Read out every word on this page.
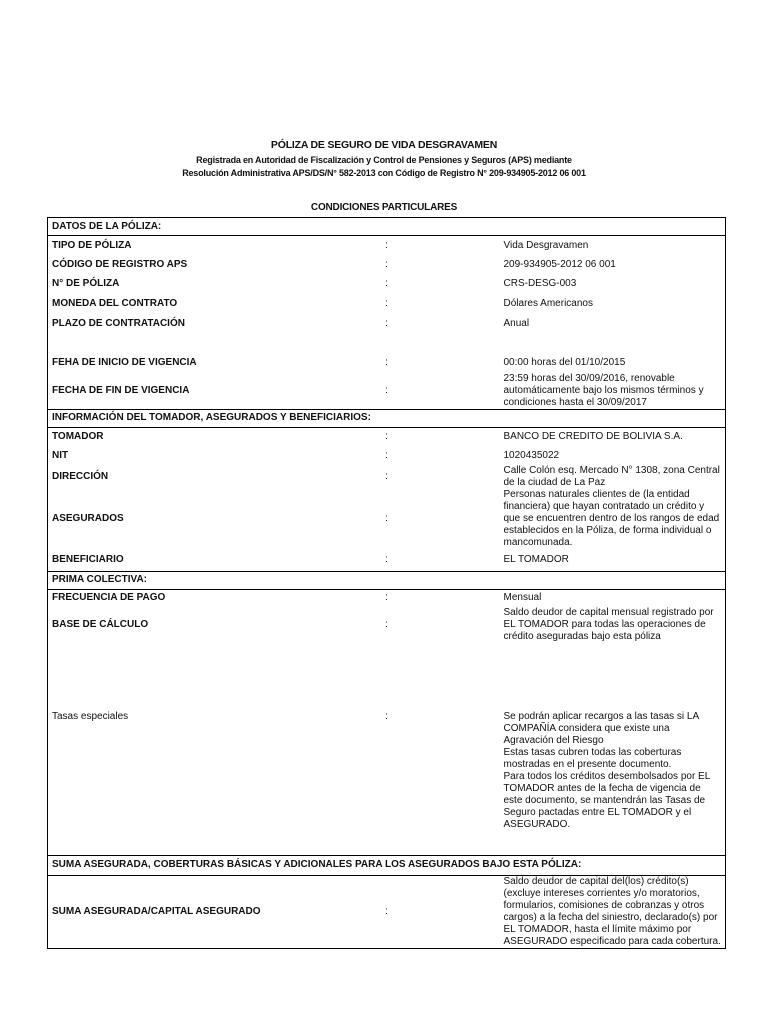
PÓLIZA DE SEGURO DE VIDA DESGRAVAMEN
Registrada en Autoridad de Fiscalización y Control de Pensiones y Seguros (APS) mediante
Resolución Administrativa APS/DS/N° 582-2013 con Código de Registro N° 209-934905-2012 06 001
CONDICIONES PARTICULARES
DATOS DE LA PÓLIZA:		
TIPO DE PÓLIZA	:	Vida Desgravamen
CÓDIGO DE REGISTRO APS	:	209-934905-2012 06 001
N° DE PÓLIZA	:	CRS-DESG-003
MONEDA DEL CONTRATO	:	Dólares Americanos
PLAZO DE CONTRATACIÓN	:	Anual

FEHA DE INICIO DE VIGENCIA	:	00:00 horas del 01/10/2015
FECHA DE FIN DE VIGENCIA	:	23:59 horas del 30/09/2016, renovable automáticamente bajo los mismos términos y condiciones hasta el 30/09/2017
INFORMACIÓN DEL TOMADOR, ASEGURADOS Y BENEFICIARIOS:		
TOMADOR	:	BANCO DE CREDITO DE BOLIVIA S.A.
NIT	:	1020435022
DIRECCIÓN	:	Calle Colón esq. Mercado N° 1308, zona Central de la ciudad de La Paz
ASEGURADOS	:	Personas naturales clientes de (la entidad financiera) que hayan contratado un crédito y que se encuentren dentro de los rangos de edad establecidos en la Póliza, de forma individual o mancomunada.
BENEFICIARIO	:	EL TOMADOR
PRIMA COLECTIVA:		
FRECUENCIA DE PAGO	:	Mensual
BASE DE CÁLCULO	:	Saldo deudor de capital mensual registrado por EL TOMADOR para todas las operaciones de crédito aseguradas bajo esta póliza

Tasas especiales	:	Se podrán aplicar recargos a las tasas si LA COMPAÑÍA considera que existe una Agravación del Riesgo
Estas tasas cubren todas las coberturas mostradas en el presente documento.
Para todos los créditos desembolsados por EL TOMADOR antes de la fecha de vigencia de este documento, se mantendrán las Tasas de Seguro pactadas entre EL TOMADOR y el ASEGURADO.

SUMA ASEGURADA, COBERTURAS BÁSICAS Y ADICIONALES PARA LOS ASEGURADOS BAJO ESTA PÓLIZA:		
SUMA ASEGURADA/CAPITAL ASEGURADO	:	Saldo deudor de capital del(los) crédito(s) (excluye intereses corrientes y/o moratorios, formularios, comisiones de cobranzas y otros cargos) a la fecha del siniestro, declarado(s) por EL TOMADOR, hasta el límite máximo por ASEGURADO especificado para cada cobertura.
